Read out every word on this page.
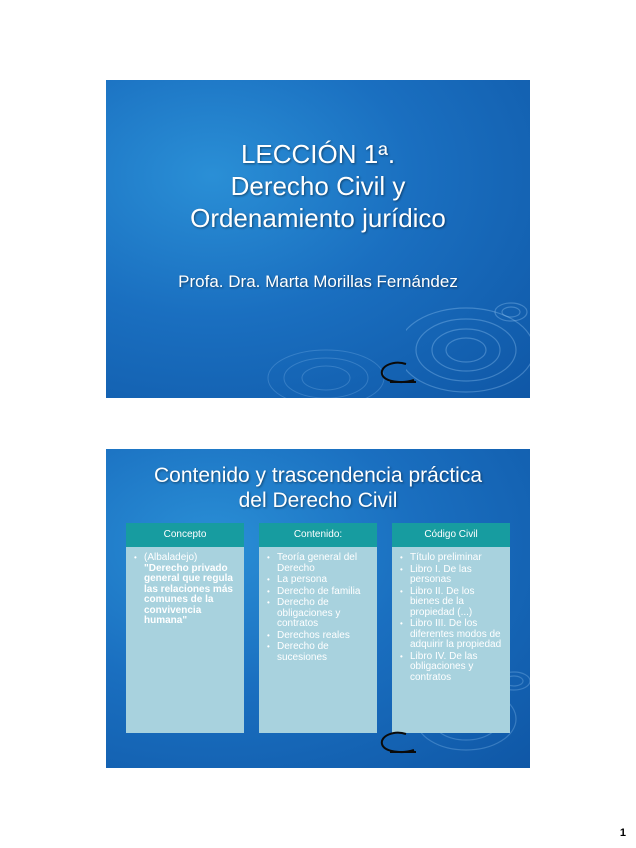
LECCIÓN 1ª.
Derecho Civil y
Ordenamiento jurídico
Profa. Dra. Marta Morillas Fernández
Contenido y trascendencia práctica
del Derecho Civil
Concepto
• (Albaladejo)
"Derecho privado general que regula las relaciones más comunes de la convivencia humana"
Contenido:
• Teoría general del Derecho
• La persona
• Derecho de familia
• Derecho de obligaciones y contratos
• Derechos reales
• Derecho de sucesiones
Código Civil
• Título preliminar
• Libro I. De las personas
• Libro II. De los bienes de la propiedad (...)
• Libro III. De los diferentes modos de adquirir la propiedad
• Libro IV. De las obligaciones y contratos
1
